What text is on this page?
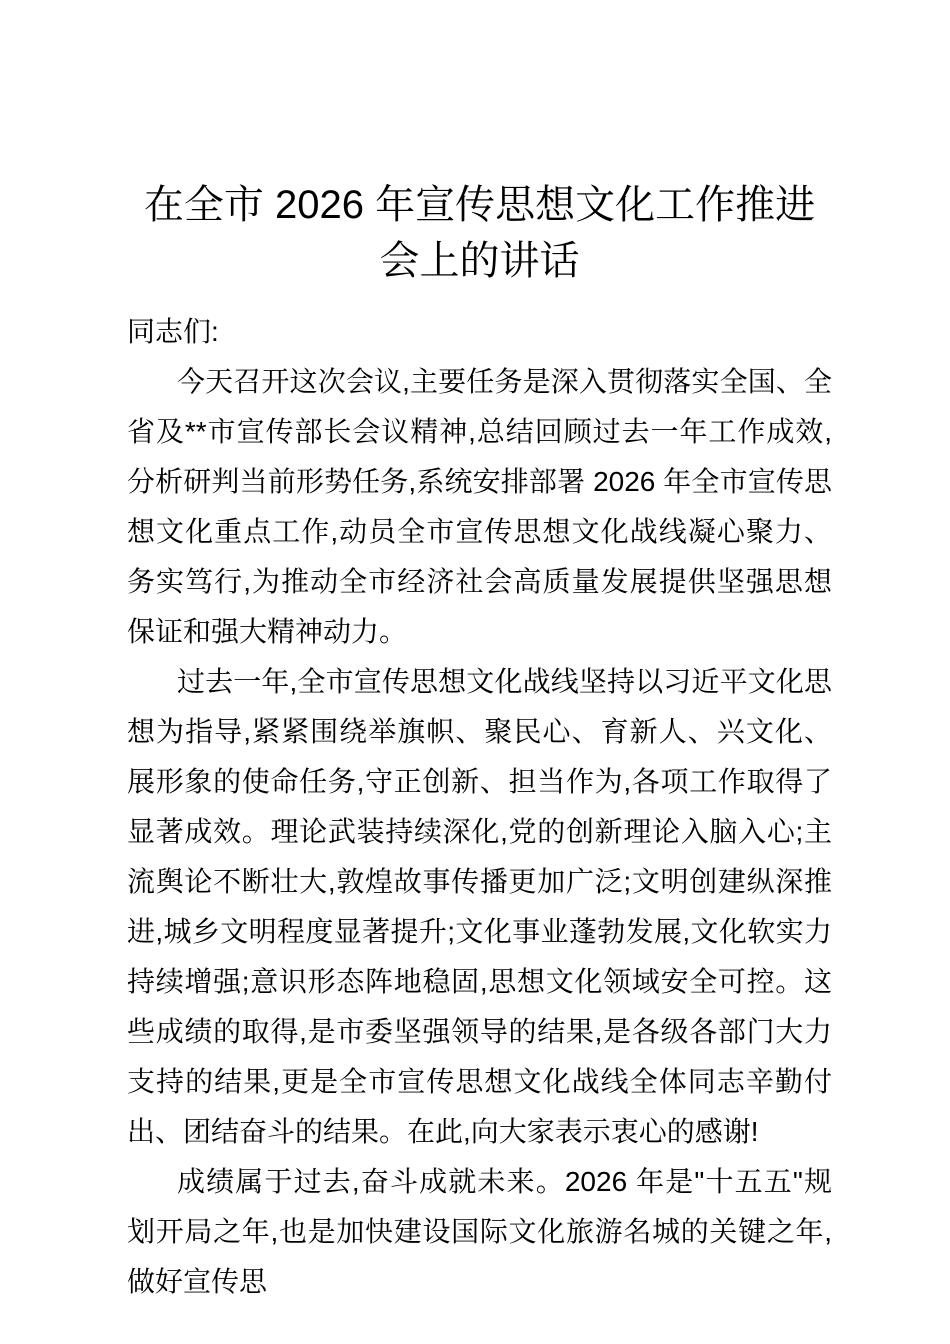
在全市 2026 年宣传思想文化工作推进会上的讲话

同志们:

今天召开这次会议,主要任务是深入贯彻落实全国、全省及**市宣传部长会议精神,总结回顾过去一年工作成效,分析研判当前形势任务,系统安排部署 2026 年全市宣传思想文化重点工作,动员全市宣传思想文化战线凝心聚力、务实笃行,为推动全市经济社会高质量发展提供坚强思想保证和强大精神动力。

过去一年,全市宣传思想文化战线坚持以习近平文化思想为指导,紧紧围绕举旗帜、聚民心、育新人、兴文化、展形象的使命任务,守正创新、担当作为,各项工作取得了显著成效。理论武装持续深化,党的创新理论入脑入心;主流舆论不断壮大,敦煌故事传播更加广泛;文明创建纵深推进,城乡文明程度显著提升;文化事业蓬勃发展,文化软实力持续增强;意识形态阵地稳固,思想文化领域安全可控。这些成绩的取得,是市委坚强领导的结果,是各级各部门大力支持的结果,更是全市宣传思想文化战线全体同志辛勤付出、团结奋斗的结果。在此,向大家表示衷心的感谢!

成绩属于过去,奋斗成就未来。2026 年是"十五五"规划开局之年,也是加快建设国际文化旅游名城的关键之年,做好宣传思
